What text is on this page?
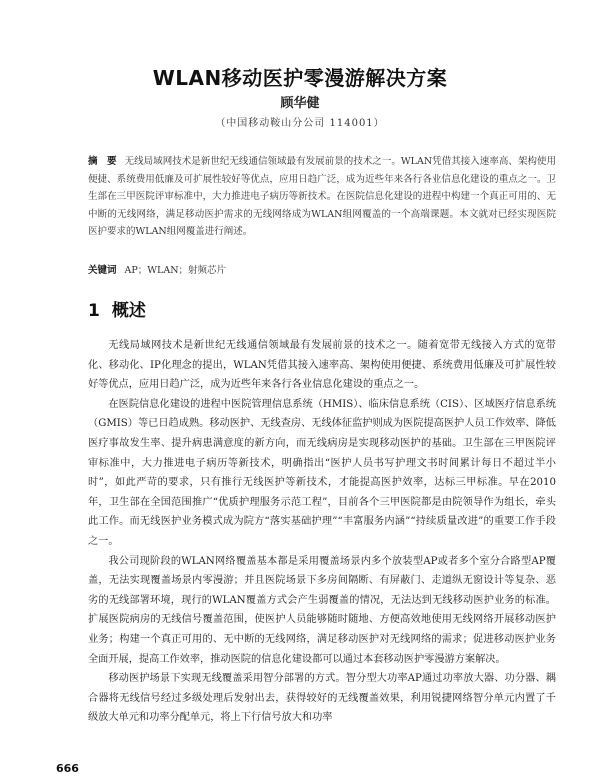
WLAN移动医护零漫游解决方案
顾华健
（中国移动鞍山分公司 114001）
摘　要 无线局域网技术是新世纪无线通信领域最有发展前景的技术之一。WLAN凭借其接入速率高、架构使用便捷、系统费用低廉及可扩展性较好等优点，应用日趋广泛，成为近些年来各行各业信息化建设的重点之一。卫生部在三甲医院评审标准中，大力推进电子病历等新技术。在医院信息化建设的进程中构建一个真正可用的、无中断的无线网络，满足移动医护需求的无线网络成为WLAN组网覆盖的一个高端课题。本文就对已经实现医院医护要求的WLAN组网覆盖进行阐述。
关键词 AP；WLAN；射频芯片
1 概述

无线局域网技术是新世纪无线通信领域最有发展前景的技术之一。随着宽带无线接入方式的宽带化、移动化、IP化理念的提出，WLAN凭借其接入速率高、架构使用便捷、系统费用低廉及可扩展性较好等优点，应用日趋广泛，成为近些年来各行各业信息化建设的重点之一。

在医院信息化建设的进程中医院管理信息系统（HMIS）、临床信息系统（CIS）、区域医疗信息系统（GMIS）等已日趋成熟。移动医护、无线查房、无线体征监护则成为医院提高医护人员工作效率、降低医疗事故发生率、提升病患满意度的新方向，而无线病房是实现移动医护的基础。卫生部在三甲医院评审标准中，大力推进电子病历等新技术，明确指出“医护人员书写护理文书时间累计每日不超过半小时”，如此严苛的要求，只有推行无线医护等新技术，才能提高医护效率，达标三甲标准。早在2010年，卫生部在全国范围推广“优质护理服务示范工程”，目前各个三甲医院都是由院领导作为组长，牵头此工作。而无线医护业务模式成为院方“落实基础护理”“丰富服务内涵”“持续质量改进”的重要工作手段之一。

我公司现阶段的WLAN网络覆盖基本都是采用覆盖场景内多个放装型AP或者多个室分合路型AP覆盖，无法实现覆盖场景内零漫游；并且医院场景下多房间隔断、有屏蔽门、走道纵无窗设计等复杂、恶劣的无线部署环境，现行的WLAN覆盖方式会产生弱覆盖的情况，无法达到无线移动医护业务的标准。扩展医院病房的无线信号覆盖范围，使医护人员能够随时随地、方便高效地使用无线网络开展移动医护业务；构建一个真正可用的、无中断的无线网络，满足移动医护对无线网络的需求；促进移动医护业务全面开展，提高工作效率，推动医院的信息化建设都可以通过本套移动医护零漫游方案解决。

移动医护场景下实现无线覆盖采用智分部署的方式。智分型大功率AP通过功率放大器、功分器、耦合器将无线信号经过多级处理后发射出去，获得较好的无线覆盖效果，利用锐捷网络智分单元内置了千级放大单元和功率分配单元，将上下行信号放大和功率

666
